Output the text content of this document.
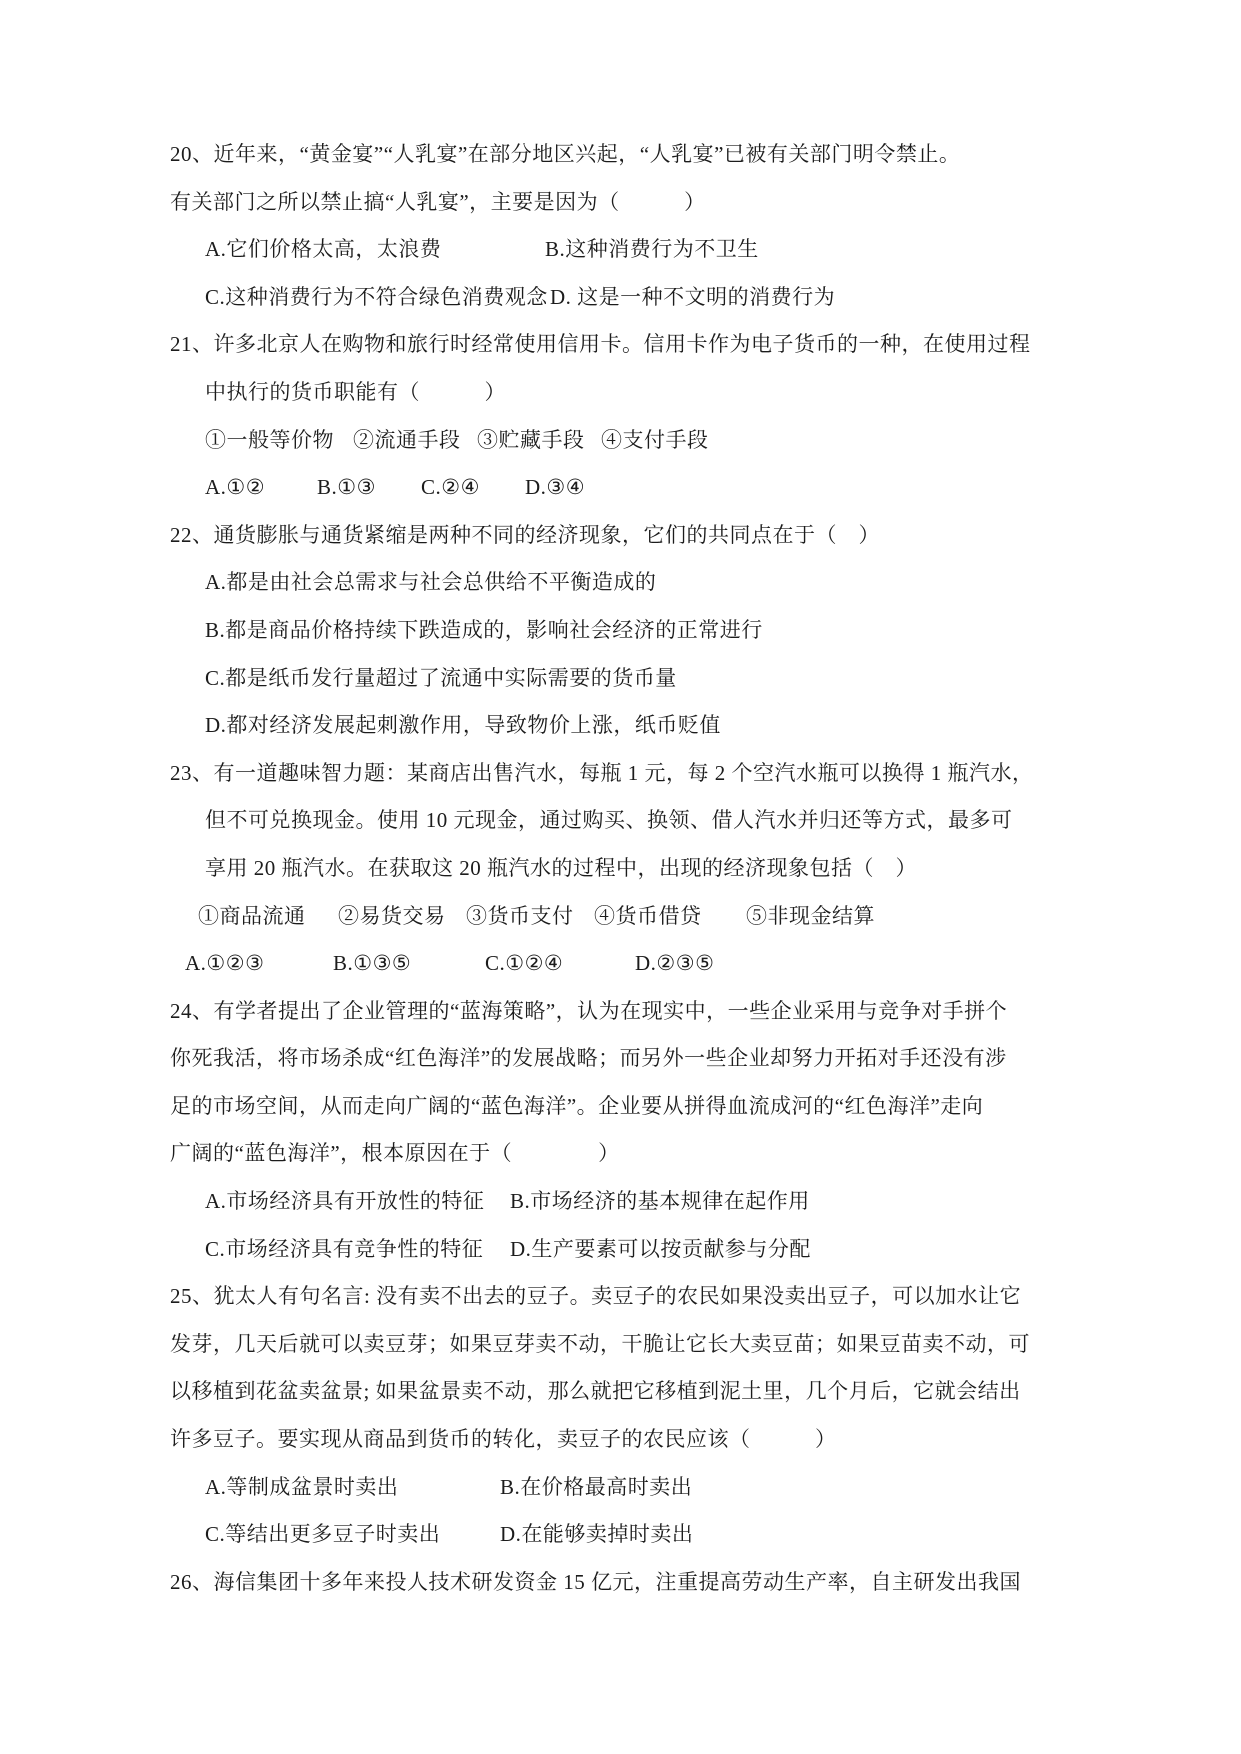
20、近年来，“黄金宴”“人乳宴”在部分地区兴起，“人乳宴”已被有关部门明令禁止。
有关部门之所以禁止搞“人乳宴”，主要是因为（　　　）
A.它们价格太高，太浪费	B.这种消费行为不卫生
C.这种消费行为不符合绿色消费观念 D. 这是一种不文明的消费行为
21、许多北京人在购物和旅行时经常使用信用卡。信用卡作为电子货币的一种，在使用过程
中执行的货币职能有（　　　）
①一般等价物 ②流通手段 ③贮藏手段 ④支付手段
A.①② B.①③ C.②④ D.③④
22、通货膨胀与通货紧缩是两种不同的经济现象，它们的共同点在于（　）
A.都是由社会总需求与社会总供给不平衡造成的
B.都是商品价格持续下跌造成的，影响社会经济的正常进行
C.都是纸币发行量超过了流通中实际需要的货币量
D.都对经济发展起刺激作用，导致物价上涨，纸币贬值
23、有一道趣味智力题：某商店出售汽水，每瓶 1 元，每 2 个空汽水瓶可以换得 1 瓶汽水，
但不可兑换现金。使用 10 元现金，通过购买、换领、借人汽水并归还等方式，最多可
享用 20 瓶汽水。在获取这 20 瓶汽水的过程中，出现的经济现象包括（　）
①商品流通 ②易货交易 ③货币支付 ④货币借贷 ⑤非现金结算
A.①②③	B.①③⑤	C.①②④	D.②③⑤
24、有学者提出了企业管理的“蓝海策略”，认为在现实中，一些企业采用与竞争对手拼个
你死我活，将市场杀成“红色海洋”的发展战略；而另外一些企业却努力开拓对手还没有涉
足的市场空间，从而走向广阔的“蓝色海洋”。企业要从拼得血流成河的“红色海洋”走向
广阔的“蓝色海洋”，根本原因在于（　　　　）
A.市场经济具有开放性的特征 B.市场经济的基本规律在起作用
C.市场经济具有竞争性的特征 D.生产要素可以按贡献参与分配
25、犹太人有句名言: 没有卖不出去的豆子。卖豆子的农民如果没卖出豆子，可以加水让它
发芽，几天后就可以卖豆芽；如果豆芽卖不动，干脆让它长大卖豆苗；如果豆苗卖不动，可
以移植到花盆卖盆景; 如果盆景卖不动，那么就把它移植到泥土里，几个月后，它就会结出
许多豆子。要实现从商品到货币的转化，卖豆子的农民应该（　　　）
A.等制成盆景时卖出	B.在价格最高时卖出
C.等结出更多豆子时卖出	D.在能够卖掉时卖出
26、海信集团十多年来投人技术研发资金 15 亿元，注重提高劳动生产率，自主研发出我国
